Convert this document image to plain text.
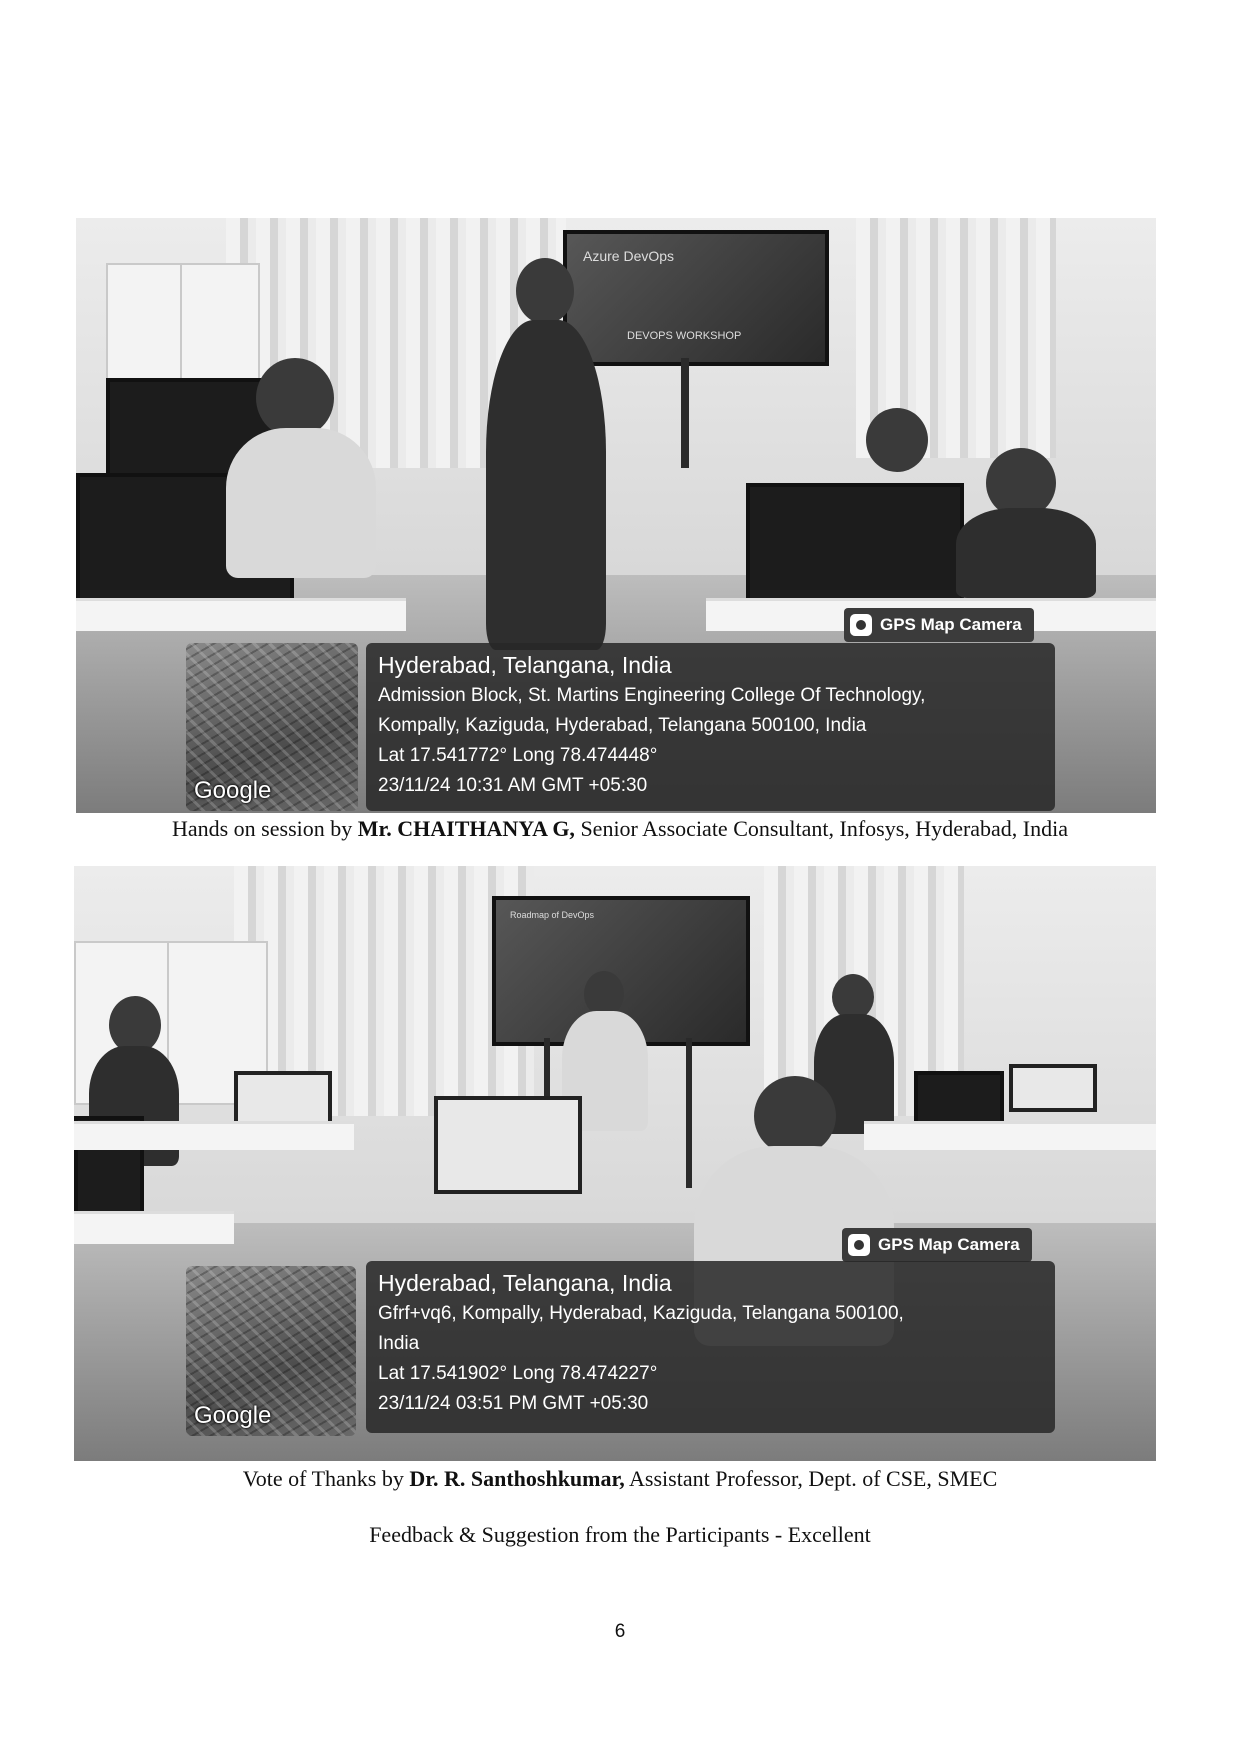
Azure DevOps
DEVOPS WORKSHOP
GPS Map Camera
Google
Hyderabad, Telangana, India
Admission Block, St. Martins Engineering College Of Technology,
Kompally, Kaziguda, Hyderabad, Telangana 500100, India
Lat 17.541772° Long 78.474448°
23/11/24 10:31 AM GMT +05:30
Hands on session by Mr. CHAITHANYA G, Senior Associate Consultant, Infosys, Hyderabad, India
Roadmap of DevOps
GPS Map Camera
Google
Hyderabad, Telangana, India
Gfrf+vq6, Kompally, Hyderabad, Kaziguda, Telangana 500100,
India
Lat 17.541902° Long 78.474227°
23/11/24 03:51 PM GMT +05:30
Vote of Thanks by Dr. R. Santhoshkumar, Assistant Professor, Dept. of CSE, SMEC
Feedback & Suggestion from the Participants - Excellent
6
